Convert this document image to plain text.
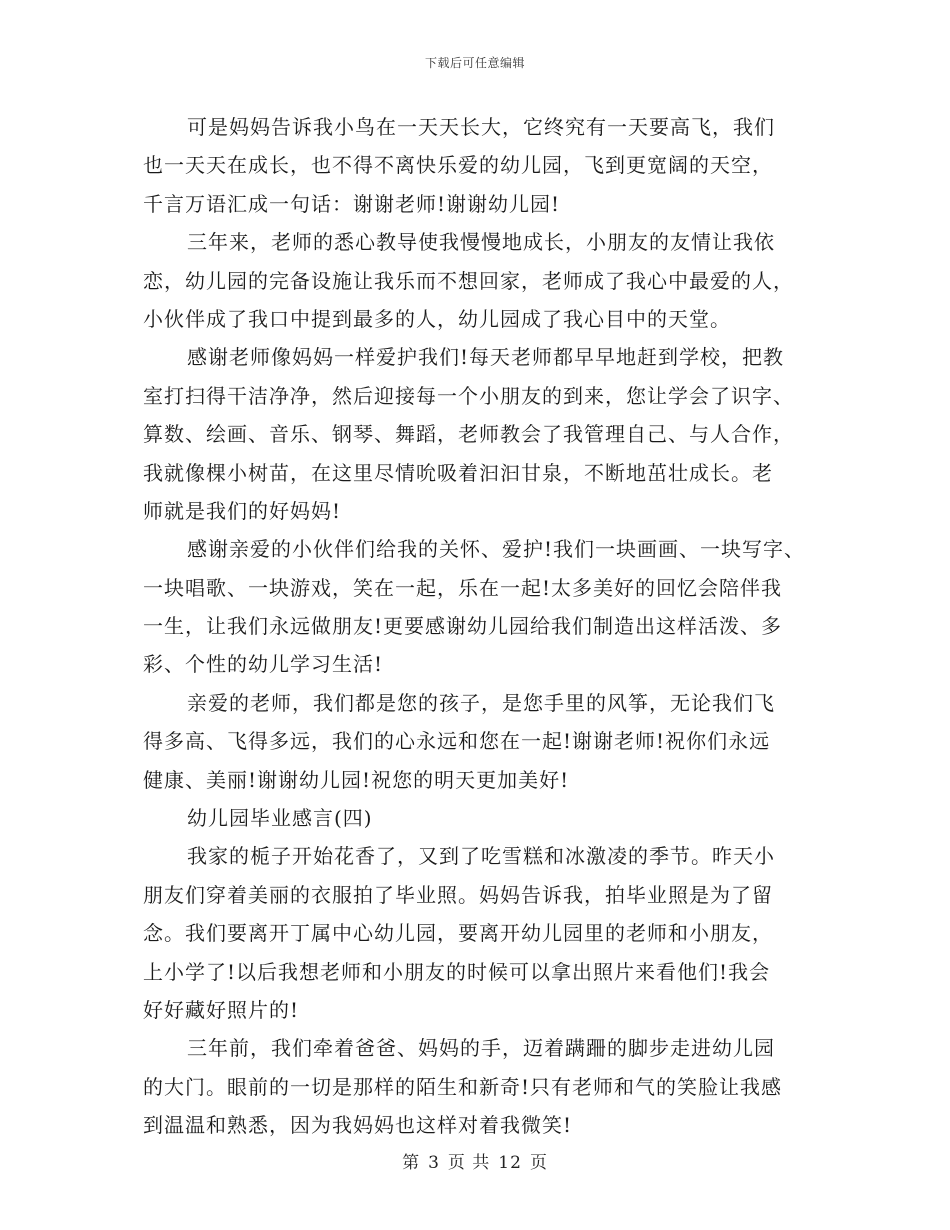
下载后可任意编辑
可是妈妈告诉我小鸟在一天天长大，它终究有一天要高飞，我们
也一天天在成长，也不得不离快乐爱的幼儿园，飞到更宽阔的天空，
千言万语汇成一句话：谢谢老师!谢谢幼儿园!
三年来，老师的悉心教导使我慢慢地成长，小朋友的友情让我依
恋，幼儿园的完备设施让我乐而不想回家，老师成了我心中最爱的人，
小伙伴成了我口中提到最多的人，幼儿园成了我心目中的天堂。
感谢老师像妈妈一样爱护我们!每天老师都早早地赶到学校，把教
室打扫得干洁净净，然后迎接每一个小朋友的到来，您让学会了识字、
算数、绘画、音乐、钢琴、舞蹈，老师教会了我管理自己、与人合作，
我就像棵小树苗，在这里尽情吮吸着汩汩甘泉，不断地茁壮成长。老
师就是我们的好妈妈!
感谢亲爱的小伙伴们给我的关怀、爱护!我们一块画画、一块写字、
一块唱歌、一块游戏，笑在一起，乐在一起!太多美好的回忆会陪伴我
一生，让我们永远做朋友!更要感谢幼儿园给我们制造出这样活泼、多
彩、个性的幼儿学习生活!
亲爱的老师，我们都是您的孩子，是您手里的风筝，无论我们飞
得多高、飞得多远，我们的心永远和您在一起!谢谢老师!祝你们永远
健康、美丽!谢谢幼儿园!祝您的明天更加美好!
幼儿园毕业感言(四)
我家的栀子开始花香了，又到了吃雪糕和冰激凌的季节。昨天小
朋友们穿着美丽的衣服拍了毕业照。妈妈告诉我，拍毕业照是为了留
念。我们要离开丁属中心幼儿园，要离开幼儿园里的老师和小朋友，
上小学了!以后我想老师和小朋友的时候可以拿出照片来看他们!我会
好好藏好照片的!
三年前，我们牵着爸爸、妈妈的手，迈着蹒跚的脚步走进幼儿园
的大门。眼前的一切是那样的陌生和新奇!只有老师和气的笑脸让我感
到温温和熟悉，因为我妈妈也这样对着我微笑!
第 3 页 共 12 页
